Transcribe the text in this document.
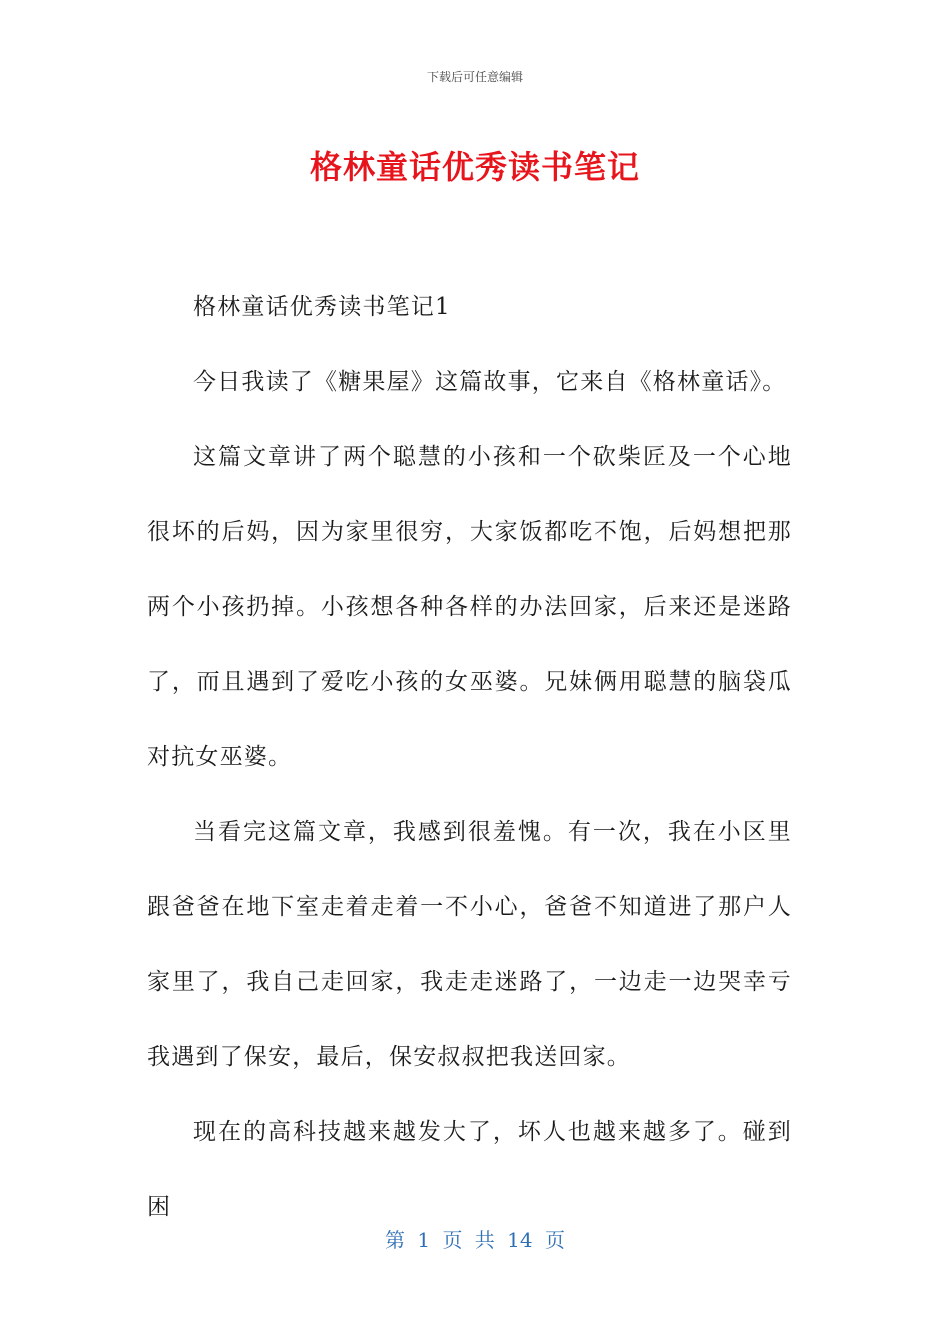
下载后可任意编辑
格林童话优秀读书笔记

格林童话优秀读书笔记1

今日我读了《糖果屋》这篇故事，它来自《格林童话》。

这篇文章讲了两个聪慧的小孩和一个砍柴匠及一个心地很坏的后妈，因为家里很穷，大家饭都吃不饱，后妈想把那两个小孩扔掉。小孩想各种各样的办法回家，后来还是迷路了，而且遇到了爱吃小孩的女巫婆。兄妹俩用聪慧的脑袋瓜对抗女巫婆。

当看完这篇文章，我感到很羞愧。有一次，我在小区里跟爸爸在地下室走着走着一不小心，爸爸不知道进了那户人家里了，我自己走回家，我走走迷路了，一边走一边哭幸亏我遇到了保安，最后，保安叔叔把我送回家。

现在的高科技越来越发大了，坏人也越来越多了。碰到困

第 1 页 共 14 页
